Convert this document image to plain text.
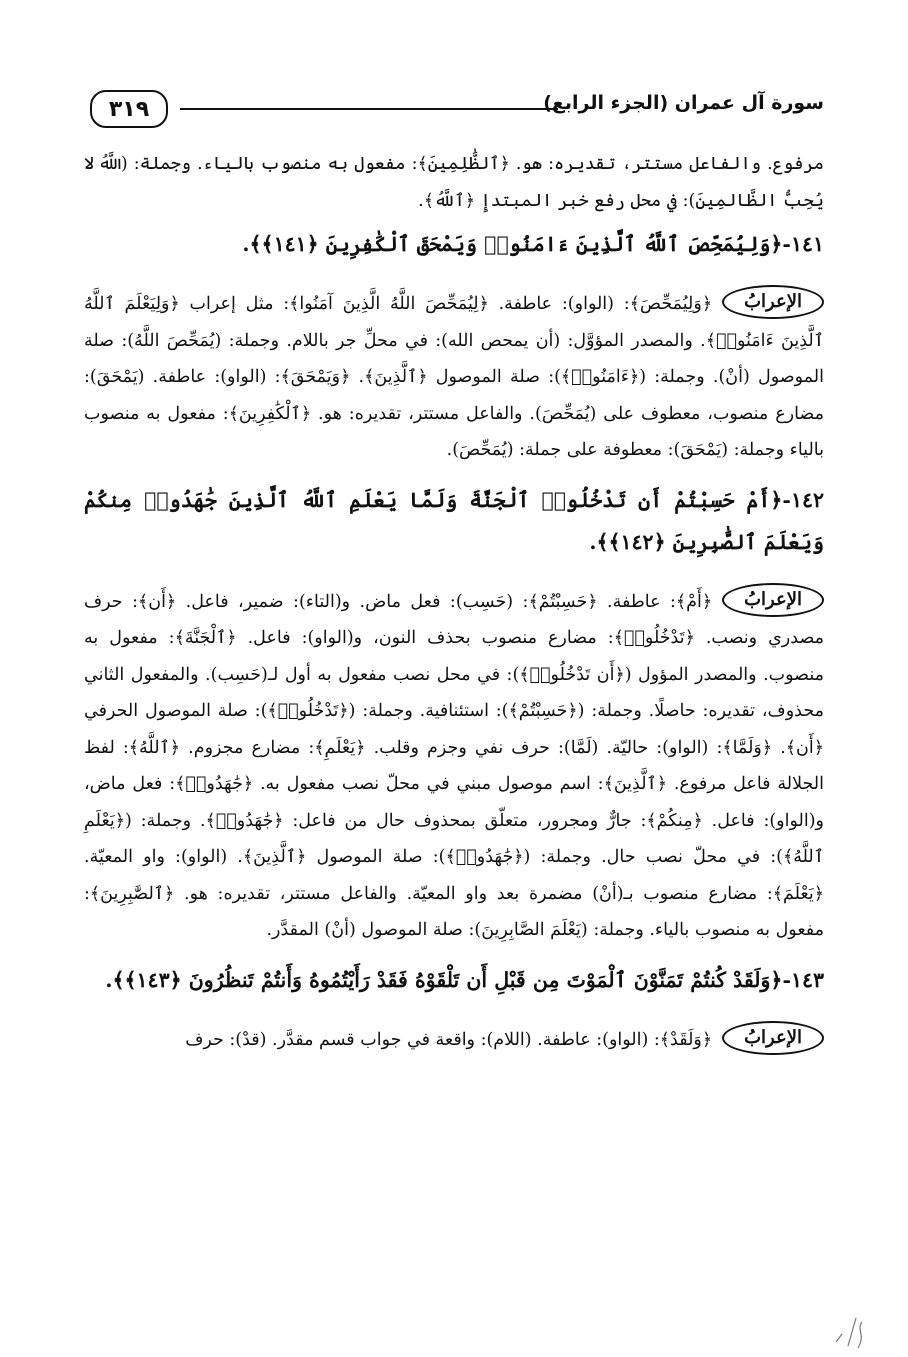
سورة آل عمران (الجزء الرابع)
٣١٩

مرفوع. والفاعل مستتر، تقديره: هو. ﴿ٱلظَّٰلِمِينَ﴾: مفعول به منصوب بالياء. وجملة: (اللَّهُ لا يُحِبُّ الظَّالمِينَ): في محل رفع خبر المبتدإِ ﴿ٱللَّهُ﴾.

١٤١-﴿وَلِيُمَحِّصَ ٱللَّهُ ٱلَّذِينَ ءَامَنُوا۟ وَيَمْحَقَ ٱلْكَٰفِرِينَ ﴿١٤١﴾﴾.

الإعرابُ﴿وَلِيُمَحِّصَ﴾: (الواو): عاطفة. ﴿لِيُمَحِّصَ اللَّهُ الَّذِينَ آمَنُوا﴾: مثل إعراب ﴿وَلِيَعْلَمَ ٱللَّهُ ٱلَّذِينَ ءَامَنُوا۟﴾. والمصدر المؤوَّل: (أن يمحص الله): في محلِّ جر باللام. وجملة: (يُمَحِّصَ اللَّهُ): صلة الموصول (أنْ). وجملة: (﴿ءَامَنُوا۟﴾): صلة الموصول ﴿ٱلَّذِينَ﴾. ﴿وَيَمْحَقَ﴾: (الواو): عاطفة. (يَمْحَقَ): مضارع منصوب، معطوف على (يُمَحِّصَ). والفاعل مستتر، تقديره: هو. ﴿ٱلْكَٰفِرِينَ﴾: مفعول به منصوب بالياء وجملة: (يَمْحَقَ): معطوفة على جملة: (يُمَحِّصَ).

١٤٢-﴿أَمْ حَسِبْتُمْ أَن تَدْخُلُوا۟ ٱلْجَنَّةَ وَلَمَّا يَعْلَمِ ٱللَّهُ ٱلَّذِينَ جَٰهَدُوا۟ مِنكُمْ وَيَعْلَمَ ٱلصَّٰبِرِينَ ﴿١٤٢﴾﴾.

الإعرابُ﴿أَمْ﴾: عاطفة. ﴿حَسِبْتُمْ﴾: (حَسِب): فعل ماض. و(التاء): ضمير، فاعل. ﴿أَن﴾: حرف مصدري ونصب. ﴿تَدْخُلُوا۟﴾: مضارع منصوب بحذف النون، و(الواو): فاعل. ﴿ٱلْجَنَّةَ﴾: مفعول به منصوب. والمصدر المؤول (﴿أَن تَدْخُلُوا۟﴾): في محل نصب مفعول به أول لـ(حَسِب). والمفعول الثاني محذوف، تقديره: حاصلًا. وجملة: (﴿حَسِبْتُمْ﴾): استئنافية. وجملة: (﴿تَدْخُلُوا۟﴾): صلة الموصول الحرفي ﴿أَن﴾. ﴿وَلَمَّا﴾: (الواو): حاليّة. (لَمَّا): حرف نفي وجزم وقلب. ﴿يَعْلَمِ﴾: مضارع مجزوم. ﴿ٱللَّهُ﴾: لفظ الجلالة فاعل مرفوع. ﴿ٱلَّذِينَ﴾: اسم موصول مبني في محلّ نصب مفعول به. ﴿جَٰهَدُوا۟﴾: فعل ماض، و(الواو): فاعل. ﴿مِنكُمْ﴾: جارٌّ ومجرور، متعلّق بمحذوف حال من فاعل: ﴿جَٰهَدُوا۟﴾. وجملة: (﴿يَعْلَمِ ٱللَّهُ﴾): في محلّ نصب حال. وجملة: (﴿جَٰهَدُوا۟﴾): صلة الموصول ﴿ٱلَّذِينَ﴾. (الواو): واو المعيّة. ﴿يَعْلَمَ﴾: مضارع منصوب بـ(أنْ) مضمرة بعد واو المعيّة. والفاعل مستتر، تقديره: هو. ﴿ٱلصَّٰبِرِينَ﴾: مفعول به منصوب بالياء. وجملة: (يَعْلَمَ الصَّابِرِينَ): صلة الموصول (أنْ) المقدَّر.

١٤٣-﴿وَلَقَدْ كُنتُمْ تَمَنَّوْنَ ٱلْمَوْتَ مِن قَبْلِ أَن تَلْقَوْهُ فَقَدْ رَأَيْتُمُوهُ وَأَنتُمْ تَنظُرُونَ ﴿١٤٣﴾﴾.

الإعرابُ﴿وَلَقَدْ﴾: (الواو): عاطفة. (اللام): واقعة في جواب قسم مقدَّر. (قدْ): حرف
